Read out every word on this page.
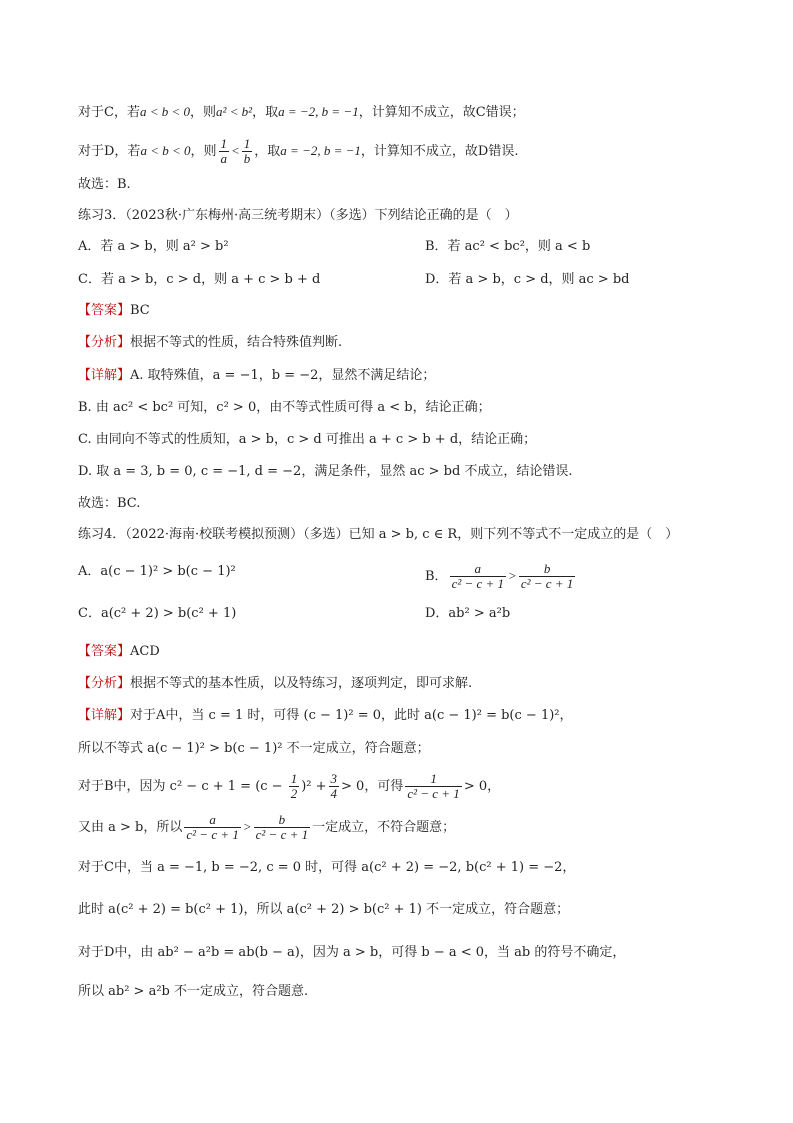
对于C，若a < b < 0，则a² < b²，取a = −2, b = −1，计算知不成立，故C错误；
对于D，若a < b < 0，则 $\frac{1}{a} < \frac{1}{b}$ ，取a = −2, b = −1，计算知不成立，故D错误.
故选：B.
练习3．（2023秋·广东梅州·高三统考期末）（多选）下列结论正确的是（　）
A．若 a > b，则 a² > b²	B．若 ac² < bc²，则 a < b
C．若 a > b，c > d，则 a + c > b + d	D．若 a > b，c > d，则 ac > bd
【答案】BC
【分析】根据不等式的性质，结合特殊值判断.
【详解】A. 取特殊值，a = −1，b = −2，显然不满足结论；
B. 由 ac² < bc² 可知，c² > 0，由不等式性质可得 a < b，结论正确；
C. 由同向不等式的性质知，a > b，c > d 可推出 a + c > b + d，结论正确；
D. 取 a = 3, b = 0, c = −1, d = −2，满足条件，显然 ac > bd 不成立，结论错误.
故选：BC.
练习4．（2022·海南·校联考模拟预测）（多选）已知 a > b, c ∈ R，则下列不等式不一定成立的是（　）
A．a(c − 1)² > b(c − 1)²	B． $\frac{a}{\text{c² − c + 1}} > \frac{b}{\text{c² − c + 1}}$
C．a(c² + 2) > b(c² + 1)	D．ab² > a²b
【答案】ACD
【分析】根据不等式的基本性质，以及特练习，逐项判定，即可求解.
【详解】对于A中，当 c = 1 时，可得 (c − 1)² = 0，此时 a(c − 1)² = b(c − 1)²，
所以不等式 a(c − 1)² > b(c − 1)² 不一定成立，符合题意；
对于B中，因为 $c^2 - c + 1 = (c - \frac{1}{2} )^2 + \frac{3}{4} > 0$，可得 $\frac{1}{\text{c² − c + 1}} > 0$，
又由 a > b，所以 $\frac{a}{\text{c² − c + 1}} > \frac{b}{\text{c² − c + 1}}$ 一定成立，不符合题意；
对于C中，当 a = −1, b = −2, c = 0 时，可得 a(c² + 2) = −2, b(c² + 1) = −2，
此时 a(c² + 2) = b(c² + 1)，所以 a(c² + 2) > b(c² + 1) 不一定成立，符合题意；
对于D中，由 ab² − a²b = ab(b − a)，因为 a > b，可得 b − a < 0，当 ab 的符号不确定，
所以 ab² > a²b 不一定成立，符合题意.
